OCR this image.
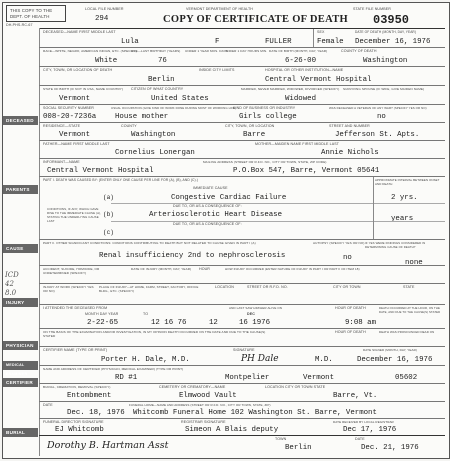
THIS COPY TO THE
DEPT. OF HEALTH
DH-PHS-RC-67
LOCAL FILE NUMBER
294
VERMONT DEPARTMENT OF HEALTH
COPY OF CERTIFICATE OF DEATH
STATE FILE NUMBER
03950
DECEASED
PARENTS
CAUSE
INJURY
PHYSICIAN
MEDICAL EXAMINER
CERTIFIER
BURIAL
ICD 428.0
DECEASED—NAME FIRST MIDDLE LAST
Lula	F	FULLER
SEX
Female
DATE OF DEATH (MONTH, DAY, YEAR)
December 16, 1976
RACE—WHITE, NEGRO, AMERICAN INDIAN, ETC. (SPECIFY)
White
AGE—LAST BIRTHDAY (YEARS)
76
UNDER 1 YEAR MOS. DAYS
UNDER 1 DAY HOURS MIN. DATE OF BIRTH (MONTH, DAY, YEAR)
6-26-00
COUNTY OF DEATH
Washington
CITY, TOWN, OR LOCATION OF DEATH
Berlin
INSIDE CITY LIMITS	HOSPITAL OR OTHER INSTITUTION—NAME
Central Vermont Hospital
STATE OF BIRTH (IF NOT IN USA, NAME COUNTRY)
Vermont
CITIZEN OF WHAT COUNTRY
United States
MARRIED, NEVER MARRIED, WIDOWED, DIVORCED (SPECIFY)
Widowed
SURVIVING SPOUSE (IF WIFE, GIVE MAIDEN NAME)
SOCIAL SECURITY NUMBER
008-20-7236a
USUAL OCCUPATION (GIVE KIND OF WORK DONE DURING MOST OF WORKING LIFE)
House mother
KIND OF BUSINESS OR INDUSTRY
Girls college
WAS DECEASED A VETERAN OF ANY WAR? (SPECIFY YES OR NO)
no
RESIDENCE—STATE
Vermont
COUNTY
Washington
CITY, TOWN, OR LOCATION
Barre
STREET AND NUMBER
Jefferson St. Apts.
FATHER—NAME FIRST MIDDLE LAST
Cornelius Lonergan
MOTHER—MAIDEN NAME FIRST MIDDLE LAST
Annie Nichols
INFORMANT—NAME
Central Vermont Hospital
MAILING ADDRESS (STREET OR R.F.D. NO., CITY OR TOWN, STATE, ZIP CODE)
P.O.Box 547, Barre, Vermont 05641
PART I. DEATH WAS CAUSED BY: (ENTER ONLY ONE CAUSE PER LINE FOR (A), (B), AND (C).)	APPROXIMATE INTERVAL BETWEEN ONSET AND DEATH
IMMEDIATE CAUSE
(a)	Congestive Cardiac Failure	2 yrs.
DUE TO, OR AS A CONSEQUENCE OF:
CONDITIONS, IF ANY, WHICH GAVE RISE TO THE IMMEDIATE CAUSE (A), STATING THE UNDERLYING CAUSE LAST
(b)	Arteriosclerotic Heart Disease	years
DUE TO, OR AS A CONSEQUENCE OF:
(c)
PART II. OTHER SIGNIFICANT CONDITIONS: CONDITIONS CONTRIBUTING TO DEATH BUT NOT RELATED TO CAUSE GIVEN IN PART I (A)
Renal insufficiency 2nd to nephrosclerosis
AUTOPSY (SPECIFY YES OR NO)
no
IF YES WERE FINDINGS CONSIDERED IN DETERMINING CAUSE OF DEATH?
none
ACCIDENT, SUICIDE, HOMICIDE, OR UNDETERMINED (SPECIFY)
DATE OF INJURY (MONTH, DAY, YEAR) HOUR	HOW INJURY OCCURRED (ENTER NATURE OF INJURY IN PART I OR PART II OF ITEM 18)
INJURY AT WORK (SPECIFY YES OR NO)
PLACE OF INJURY—AT HOME, FARM, STREET, FACTORY, OFFICE BLDG., ETC. (SPECIFY)
LOCATION	STREET OR R.F.D. NO.	CITY OR TOWN	STATE
I ATTENDED THE DECEASED FROM
MONTH DAY YEAR
2-22-65
TO
12 16 76
AND LAST SAW HIM/HER ALIVE ON
12
DEC
16 1976
HOUR OF DEATH
9:08 am
DEATH OCCURRED AT THE HOUR, ON THE DATE, AND DUE TO THE CAUSE(S) STATED
ON THE BASIS OF THE EXAMINATION AND/OR INVESTIGATION, IN MY OPINION DEATH OCCURRED ON THE DATE AND DUE TO THE CAUSE(S) STATED
DEATH WAS PRONOUNCED DEAD ON
HOUR OF DEATH
CERTIFIER NAME (TYPE OR PRINT)
Porter H. Dale, M.D.
SIGNATURE
PH Dale	M.D.
DATE SIGNED (MONTH, DAY, YEAR)
December 16, 1976
NAME AND ADDRESS OF CERTIFIER (PHYSICIAN, MEDICAL EXAMINER) (TYPE OR PRINT)
RD #1	Montpelier	Vermont	05602
BURIAL, CREMATION, REMOVAL (SPECIFY)
Entombment
CEMETERY OR CREMATORY—NAME
Elmwood Vault
LOCATION CITY OR TOWN STATE
Barre, Vt.
DATE
Dec. 18, 1976
FUNERAL HOME—NAME AND ADDRESS (STREET OR R.F.D. NO., CITY OR TOWN, STATE, ZIP)
Whitcomb Funeral Home 102 Washington St. Barre, Vermont
FUNERAL DIRECTOR SIGNATURE
EJ Whitcomb
REGISTRAR SIGNATURE
Simeon A Blais deputy
DATE RECEIVED BY LOCAL REGISTRAR
Dec 17, 1976
Dorothy B. Hartman Asst
TOWN
Berlin
DATE
Dec. 21, 1976
